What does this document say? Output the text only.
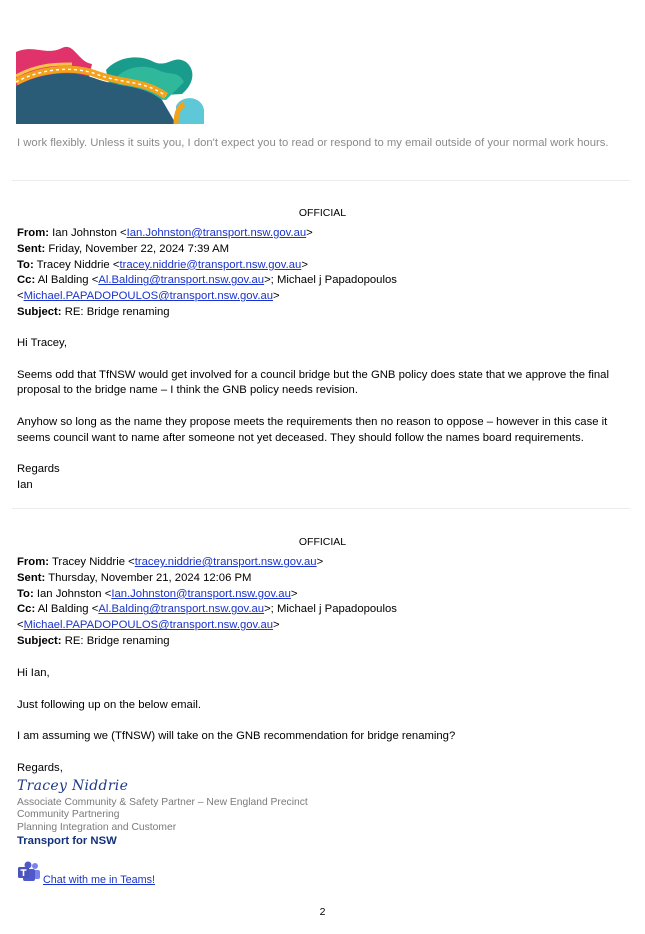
I work flexibly. Unless it suits you, I don't expect you to read or respond to my email outside of your normal work hours.
OFFICIAL
From: Ian Johnston <Ian.Johnston@transport.nsw.gov.au>
Sent: Friday, November 22, 2024 7:39 AM
To: Tracey Niddrie <tracey.niddrie@transport.nsw.gov.au>
Cc: Al Balding <Al.Balding@transport.nsw.gov.au>; Michael j Papadopoulos
<Michael.PAPADOPOULOS@transport.nsw.gov.au>
Subject: RE: Bridge renaming

Hi Tracey,

Seems odd that TfNSW would get involved for a council bridge but the GNB policy does state that we approve the final proposal to the bridge name – I think the GNB policy needs revision.

Anyhow so long as the name they propose meets the requirements then no reason to oppose – however in this case it seems council want to name after someone not yet deceased. They should follow the names board requirements.

Regards

Ian

OFFICIAL
From: Tracey Niddrie <tracey.niddrie@transport.nsw.gov.au>
Sent: Thursday, November 21, 2024 12:06 PM
To: Ian Johnston <Ian.Johnston@transport.nsw.gov.au>
Cc: Al Balding <Al.Balding@transport.nsw.gov.au>; Michael j Papadopoulos
<Michael.PAPADOPOULOS@transport.nsw.gov.au>
Subject: RE: Bridge renaming

Hi Ian,

Just following up on the below email.

I am assuming we (TfNSW) will take on the GNB recommendation for bridge renaming?

Regards,

Tracey Niddrie
Associate Community & Safety Partner – New England Precinct
Community Partnering
Planning Integration and Customer
Transport for NSW
Chat with me in Teams!
2
